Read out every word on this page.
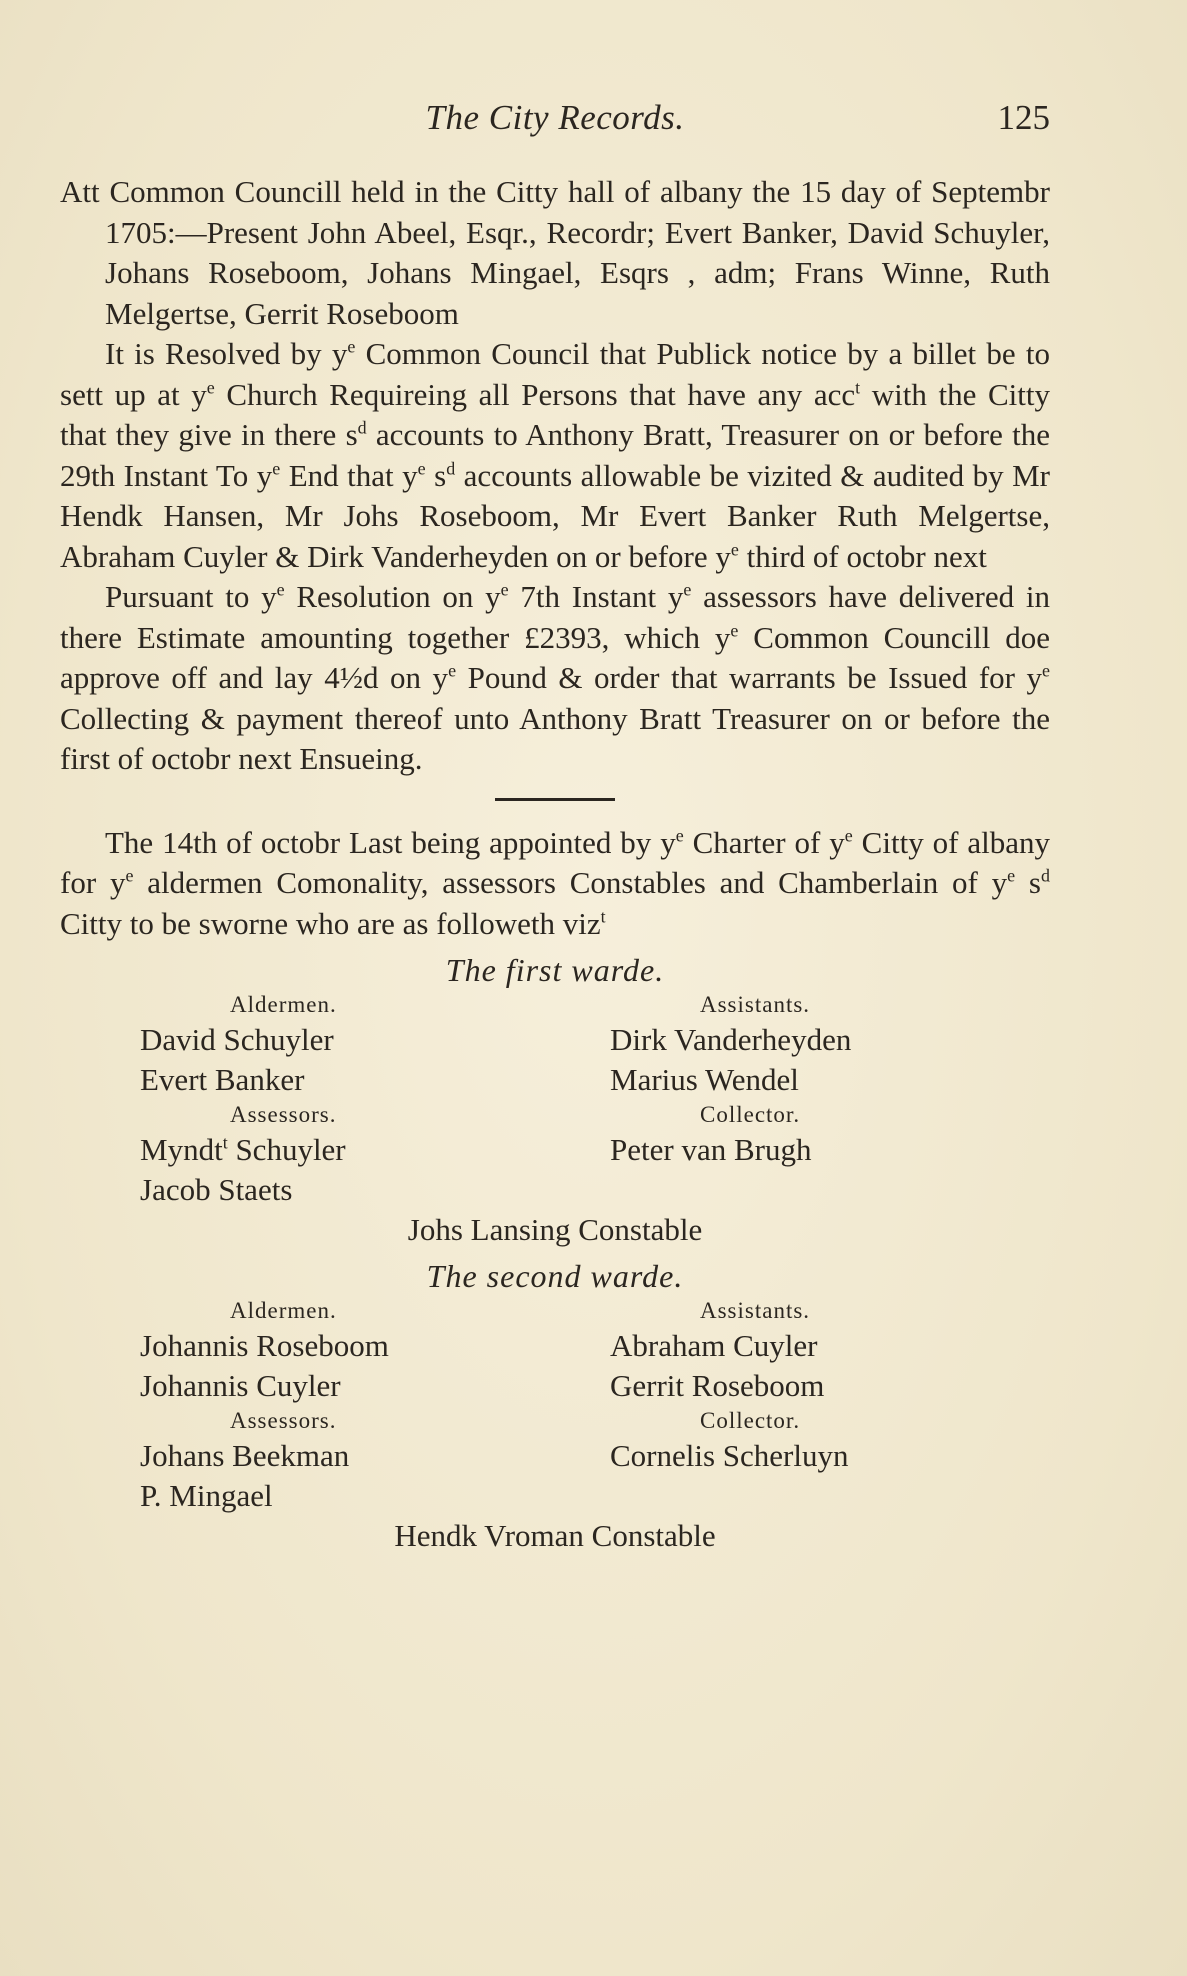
The City Records.	125

Att Common Councill held in the Citty hall of albany the 15 day of Septembr 1705:—Present John Abeel, Esqr., Recordr; Evert Banker, David Schuyler, Johans Roseboom, Johans Mingael, Esqrs , adm; Frans Winne, Ruth Melgertse, Gerrit Roseboom

It is Resolved by $y^e$ Common Council that Publick notice by a billet be to sett up at $y^e$ Church Requireing all Persons that have any acc$^t$ with the Citty that they give in there $s^d$ accounts to Anthony Bratt, Treasurer on or before the 29th Instant To $y^e$ End that $y^e$ $s^d$ accounts allowable be vizited & audited by Mr Hendk Hansen, Mr Johs Roseboom, Mr Evert Banker Ruth Melgertse, Abraham Cuyler & Dirk Vanderheyden on or before $y^e$ third of octobr next

Pursuant to $y^e$ Resolution on $y^e$ 7th Instant $y^e$ assessors have delivered in there Estimate amounting together £2393, which $y^e$ Common Councill doe approve off and lay 4½d on $y^e$ Pound & order that warrants be Issued for $y^e$ Collecting & payment thereof unto Anthony Bratt Treasurer on or before the first of octobr next Ensueing.

The 14th of octobr Last being appointed by $y^e$ Charter of $y^e$ Citty of albany for $y^e$ aldermen Comonality, assessors Constables and Chamberlain of $y^e$ $s^d$ Citty to be sworne who are as followeth viz$^t$

The first warde.
Aldermen.
David Schuyler
Evert Banker
Assistants.
Dirk Vanderheyden
Marius Wendel
Assessors.
Myndt$^t$ Schuyler
Jacob Staets
Collector.
Peter van Brugh
Johs Lansing Constable
The second warde.
Aldermen.
Johannis Roseboom
Johannis Cuyler
Assistants.
Abraham Cuyler
Gerrit Roseboom
Assessors.
Johans Beekman
P. Mingael
Collector.
Cornelis Scherluyn
Hendk Vroman Constable
